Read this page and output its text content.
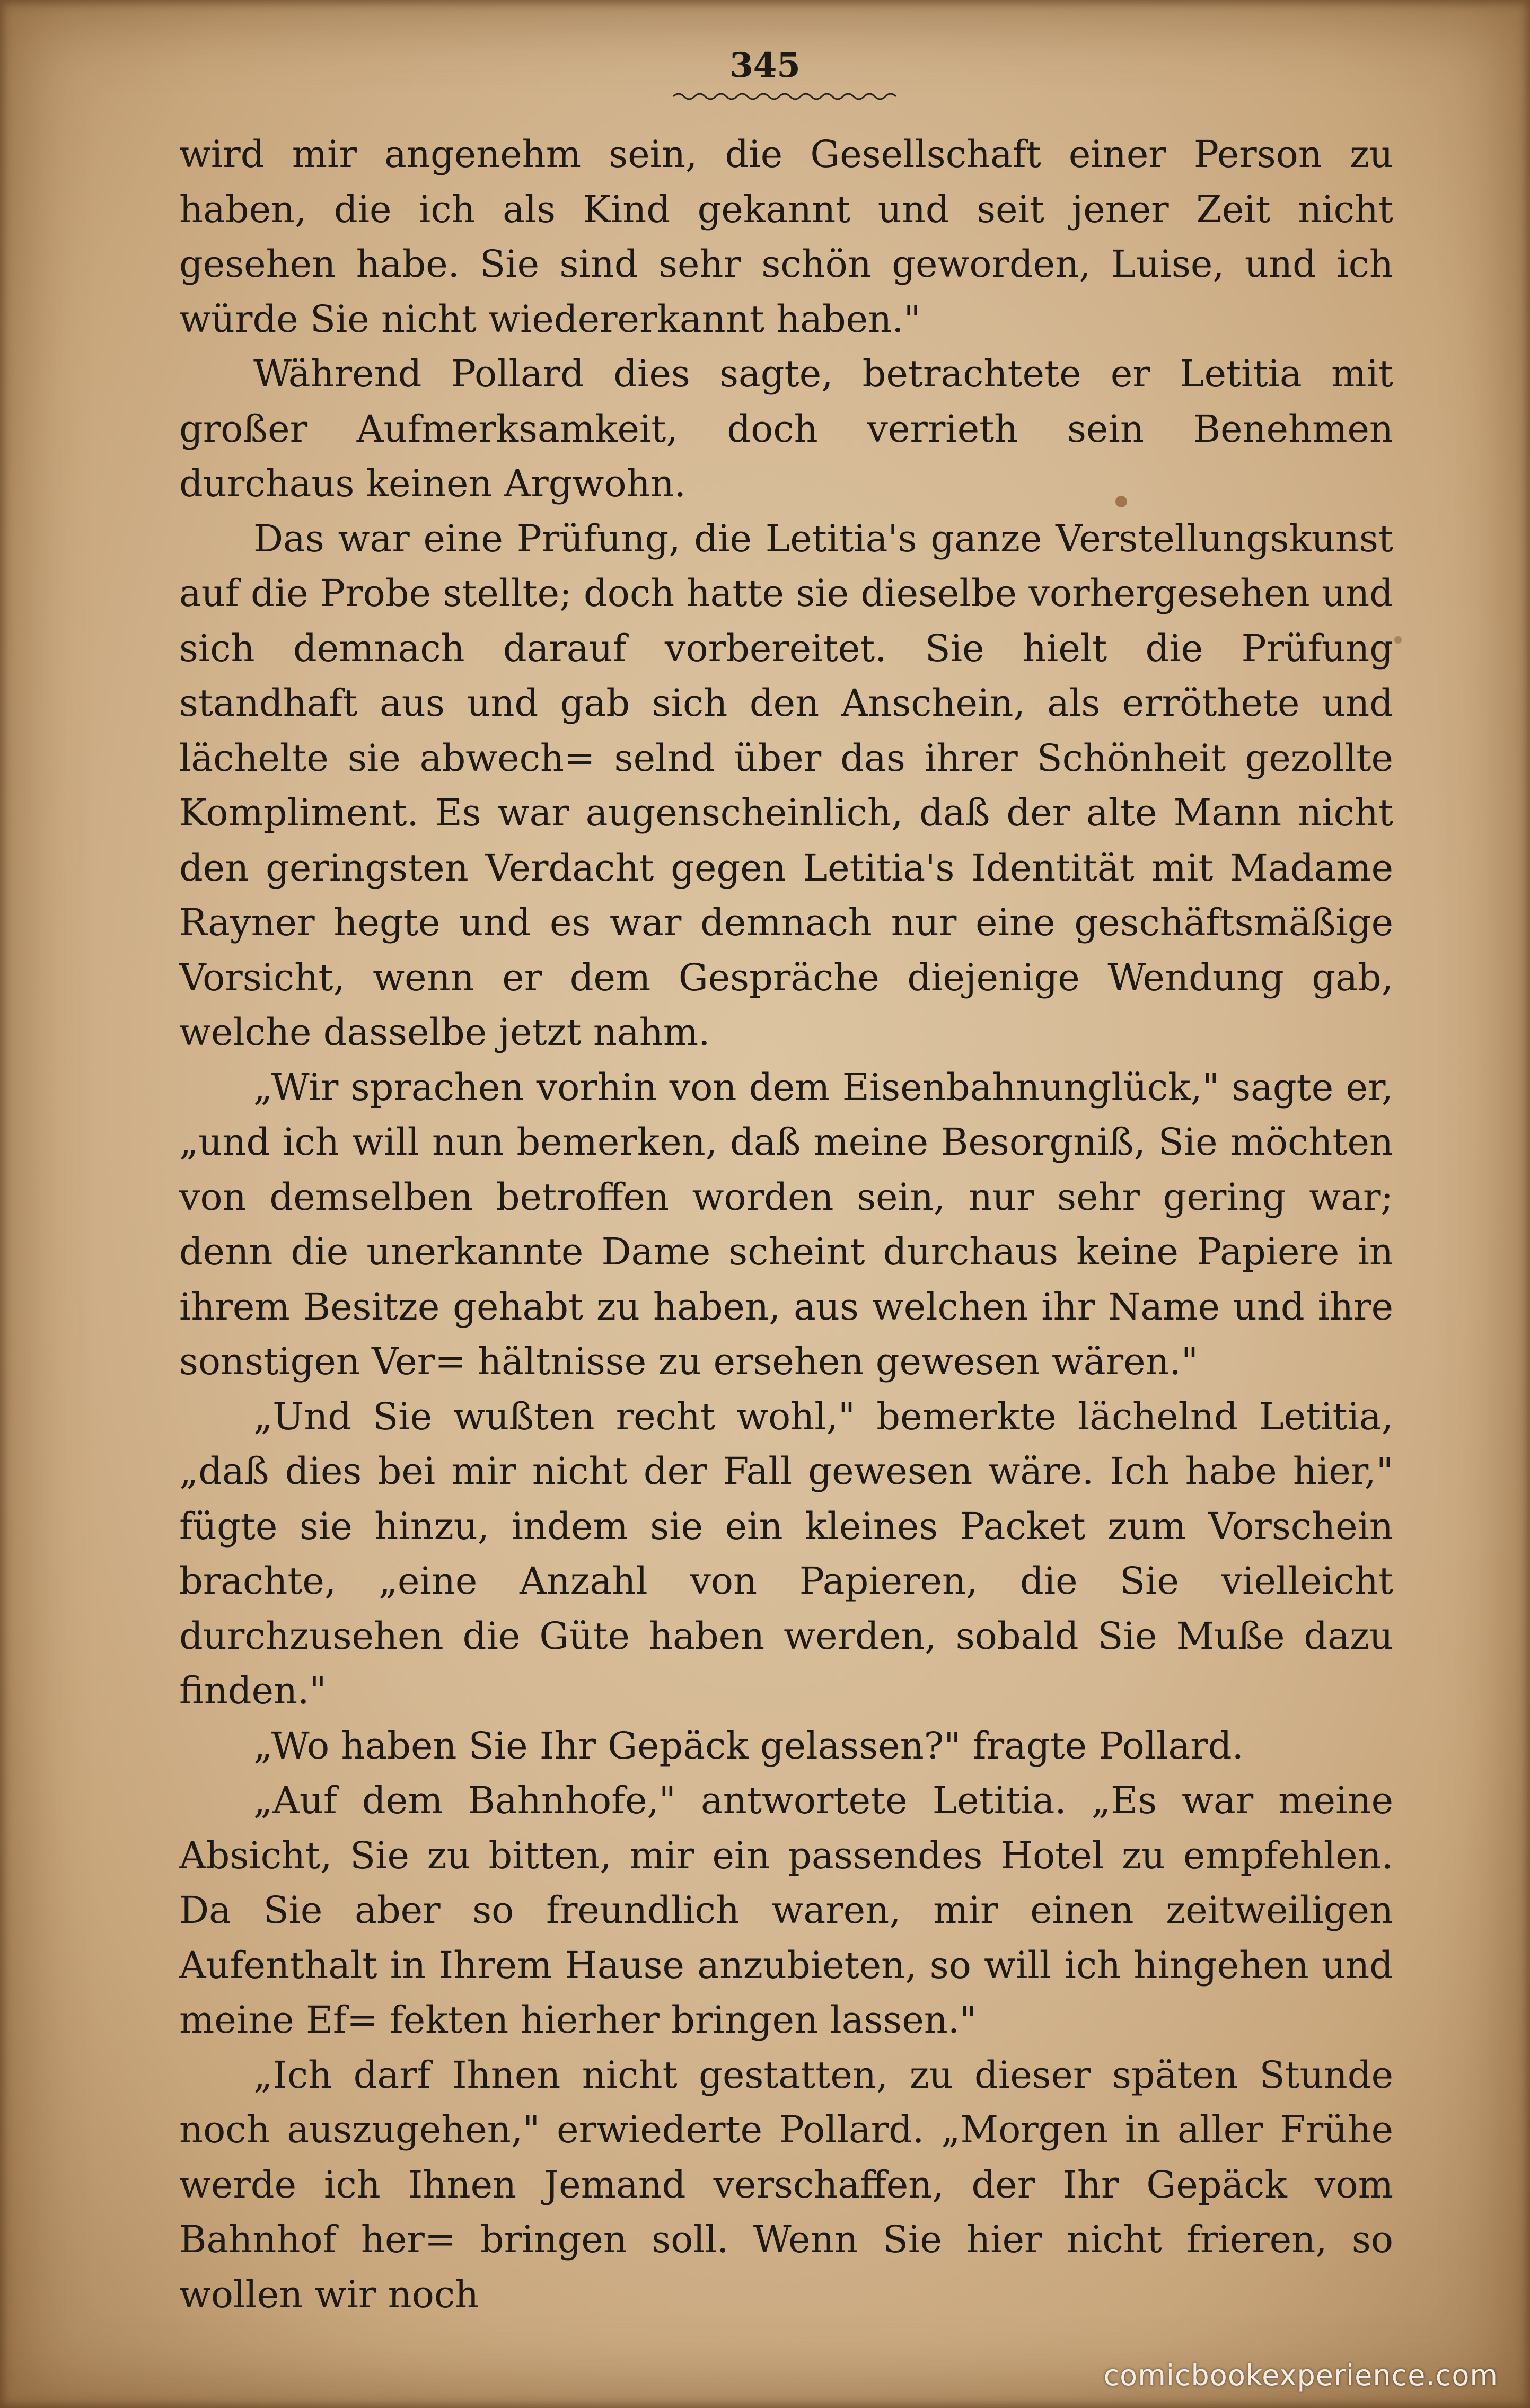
345

wird mir angenehm sein, die Gesellschaft einer Person zu haben, die ich als Kind gekannt und seit jener Zeit nicht gesehen habe. Sie sind sehr schön geworden, Luise, und ich würde Sie nicht wiedererkannt haben."

Während Pollard dies sagte, betrachtete er Letitia mit großer Aufmerksamkeit, doch verrieth sein Benehmen durchaus keinen Argwohn.

Das war eine Prüfung, die Letitia's ganze Verstellungskunst auf die Probe stellte; doch hatte sie dieselbe vorhergesehen und sich demnach darauf vorbereitet. Sie hielt die Prüfung standhaft aus und gab sich den Anschein, als erröthete und lächelte sie abwech= selnd über das ihrer Schönheit gezollte Kompliment. Es war augenscheinlich, daß der alte Mann nicht den geringsten Verdacht gegen Letitia's Identität mit Madame Rayner hegte und es war demnach nur eine geschäftsmäßige Vorsicht, wenn er dem Gespräche diejenige Wendung gab, welche dasselbe jetzt nahm.

„Wir sprachen vorhin von dem Eisenbahnunglück," sagte er, „und ich will nun bemerken, daß meine Besorgniß, Sie möchten von demselben betroffen worden sein, nur sehr gering war; denn die unerkannte Dame scheint durchaus keine Papiere in ihrem Besitze gehabt zu haben, aus welchen ihr Name und ihre sonstigen Ver= hältnisse zu ersehen gewesen wären."

„Und Sie wußten recht wohl," bemerkte lächelnd Letitia, „daß dies bei mir nicht der Fall gewesen wäre. Ich habe hier," fügte sie hinzu, indem sie ein kleines Packet zum Vorschein brachte, „eine Anzahl von Papieren, die Sie vielleicht durchzusehen die Güte haben werden, sobald Sie Muße dazu finden."

„Wo haben Sie Ihr Gepäck gelassen?" fragte Pollard.

„Auf dem Bahnhofe," antwortete Letitia. „Es war meine Absicht, Sie zu bitten, mir ein passendes Hotel zu empfehlen. Da Sie aber so freundlich waren, mir einen zeitweiligen Aufenthalt in Ihrem Hause anzubieten, so will ich hingehen und meine Ef= fekten hierher bringen lassen."

„Ich darf Ihnen nicht gestatten, zu dieser späten Stunde noch auszugehen," erwiederte Pollard. „Morgen in aller Frühe werde ich Ihnen Jemand verschaffen, der Ihr Gepäck vom Bahnhof her= bringen soll. Wenn Sie hier nicht frieren, so wollen wir noch

comicbookexperience.com
